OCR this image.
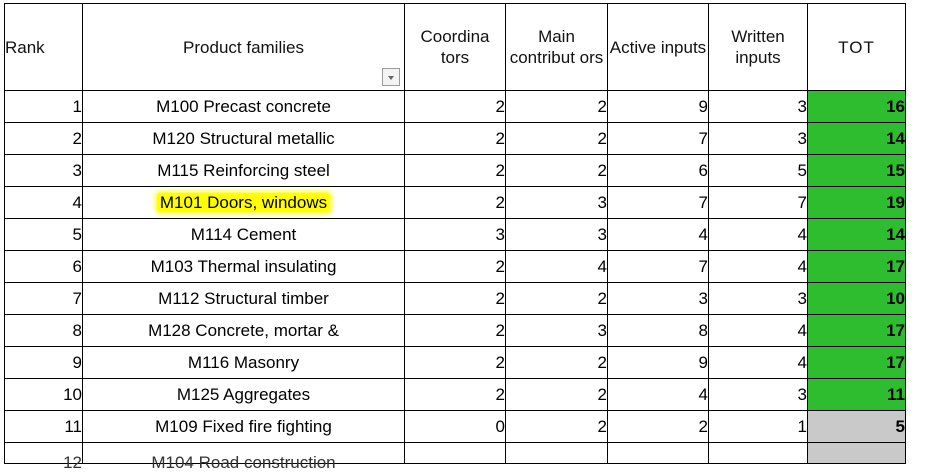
Rank	Product families	Coordina tors	Main contribut ors	Active inputs	Written inputs	TOT
1	M100 Precast concrete	2	2	9	3	16
2	M120 Structural metallic	2	2	7	3	14
3	M115 Reinforcing steel	2	2	6	5	15
4	M101 Doors, windows	2	3	7	7	19
5	M114 Cement	3	3	4	4	14
6	M103 Thermal insulating	2	4	7	4	17
7	M112 Structural timber	2	2	3	3	10
8	M128 Concrete, mortar &	2	3	8	4	17
9	M116 Masonry	2	2	9	4	17
10	M125 Aggregates	2	2	4	3	11
11	M109 Fixed fire fighting	0	2	2	1	5
12	M104 Road construction					
